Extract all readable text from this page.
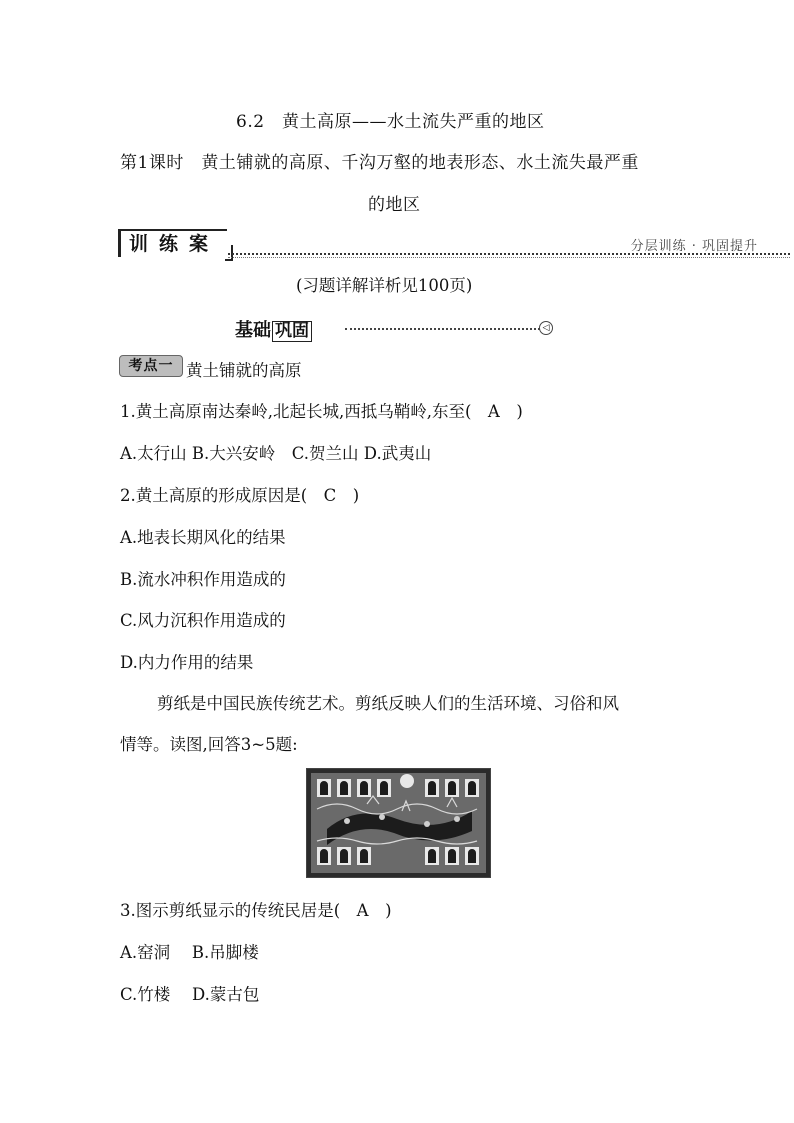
6.2　黄土高原——水土流失严重的地区
第1课时　黄土铺就的高原、千沟万壑的地表形态、水土流失最严重
的地区
训练案	分层训练 · 巩固提升
(习题详解详析见100页)
基础 巩固	◁
考点一 黄土铺就的高原
1.黄土高原南达秦岭,北起长城,西抵乌鞘岭,东至(　A　)
A.太行山 B.大兴安岭　C.贺兰山 D.武夷山
2.黄土高原的形成原因是(　C　)
A.地表长期风化的结果
B.流水冲积作用造成的
C.风力沉积作用造成的
D.内力作用的结果
剪纸是中国民族传统艺术。剪纸反映人们的生活环境、习俗和风
情等。读图,回答3~5题:
3.图示剪纸显示的传统民居是(　A　)
A.窑洞　 B.吊脚楼
C.竹楼　 D.蒙古包
